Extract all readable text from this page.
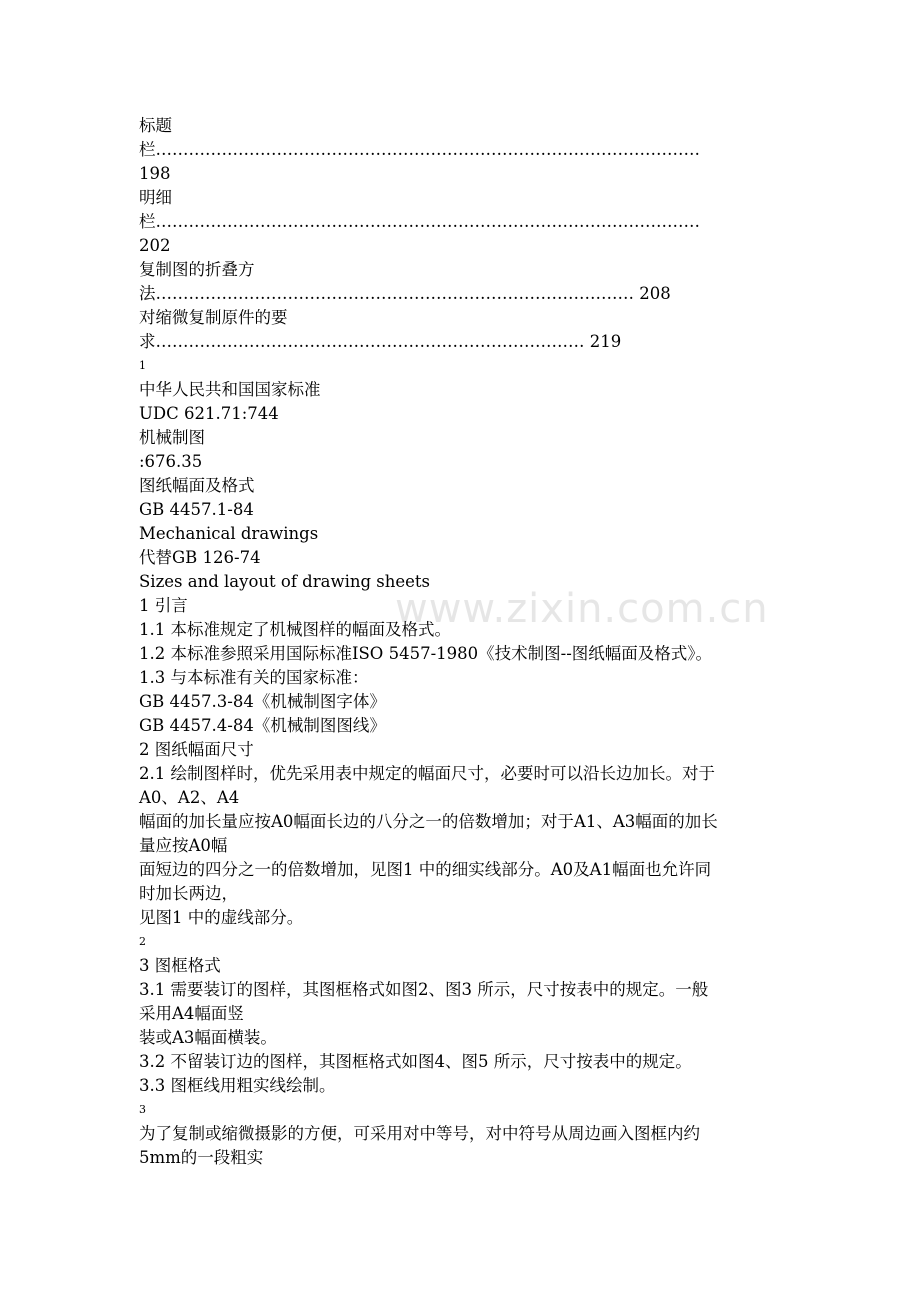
www.zixin.com.cn
标题
栏………………………………………………………………………………………
198
明细
栏………………………………………………………………………………………
202
复制图的折叠方
法…………………………………………………………………………… 208
对缩微复制原件的要
求…………………………………………………………………… 219
1
中华人民共和国国家标准
UDC 621.71:744
机械制图
:676.35
图纸幅面及格式
GB 4457.1-84
Mechanical drawings
代替GB 126-74
Sizes and layout of drawing sheets
1 引言
1.1 本标准规定了机械图样的幅面及格式。
1.2 本标准参照采用国际标准ISO 5457-1980《技术制图--图纸幅面及格式》。
1.3 与本标准有关的国家标准：
GB 4457.3-84《机械制图字体》
GB 4457.4-84《机械制图图线》
2 图纸幅面尺寸
2.1 绘制图样时，优先采用表中规定的幅面尺寸，必要时可以沿长边加长。对于
A0、A2、A4
幅面的加长量应按A0幅面长边的八分之一的倍数增加；对于A1、A3幅面的加长
量应按A0幅
面短边的四分之一的倍数增加，见图1 中的细实线部分。A0及A1幅面也允许同
时加长两边，
见图1 中的虚线部分。
2
3 图框格式
3.1 需要装订的图样，其图框格式如图2、图3 所示，尺寸按表中的规定。一般
采用A4幅面竖
装或A3幅面横装。
3.2 不留装订边的图样，其图框格式如图4、图5 所示，尺寸按表中的规定。
3.3 图框线用粗实线绘制。
3
为了复制或缩微摄影的方便，可采用对中等号，对中符号从周边画入图框内约
5mm的一段粗实
